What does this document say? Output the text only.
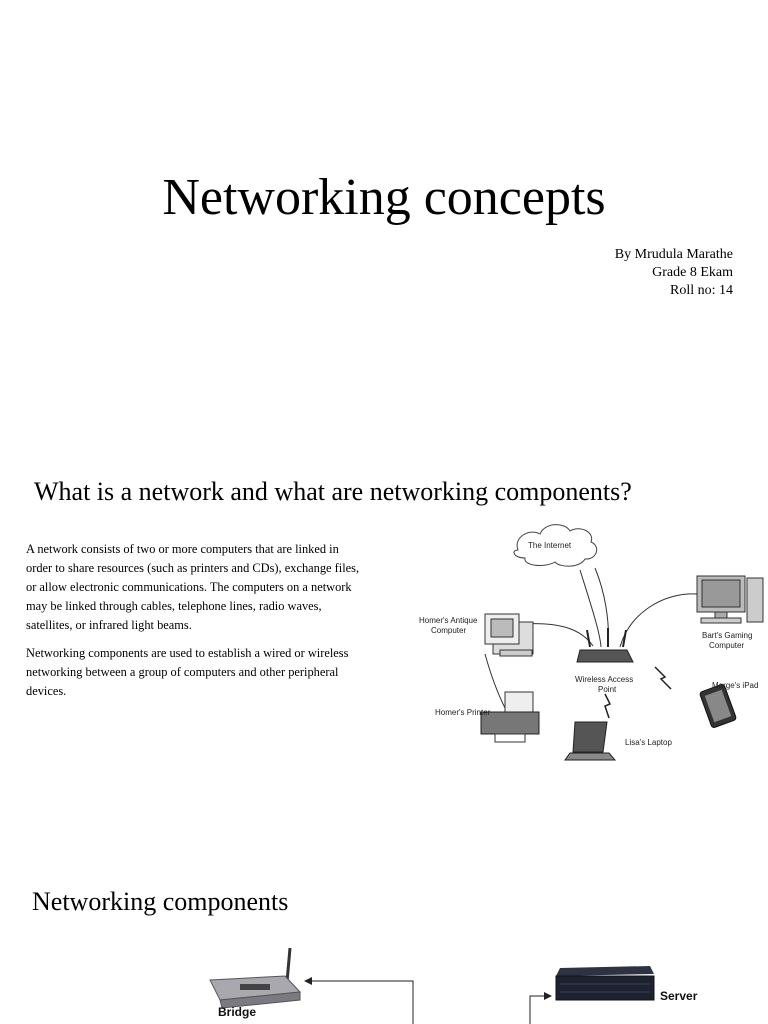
Networking concepts
By Mrudula Marathe
Grade 8 Ekam
Roll no: 14
What is a network and what are networking components?

A network consists of two or more computers that are linked in order to share resources (such as printers and CDs), exchange files, or allow electronic communications. The computers on a network may be linked through cables, telephone lines, radio waves, satellites, or infrared light beams.

Networking components are used to establish a wired or wireless networking between a group of computers and other peripheral devices.

The Internet
Homer's Antique Computer
Bart's Gaming Computer
Wireless Access Point
Homer's Printer
Marge's iPad
Lisa's Laptop
Networking components
Bridge
Server
